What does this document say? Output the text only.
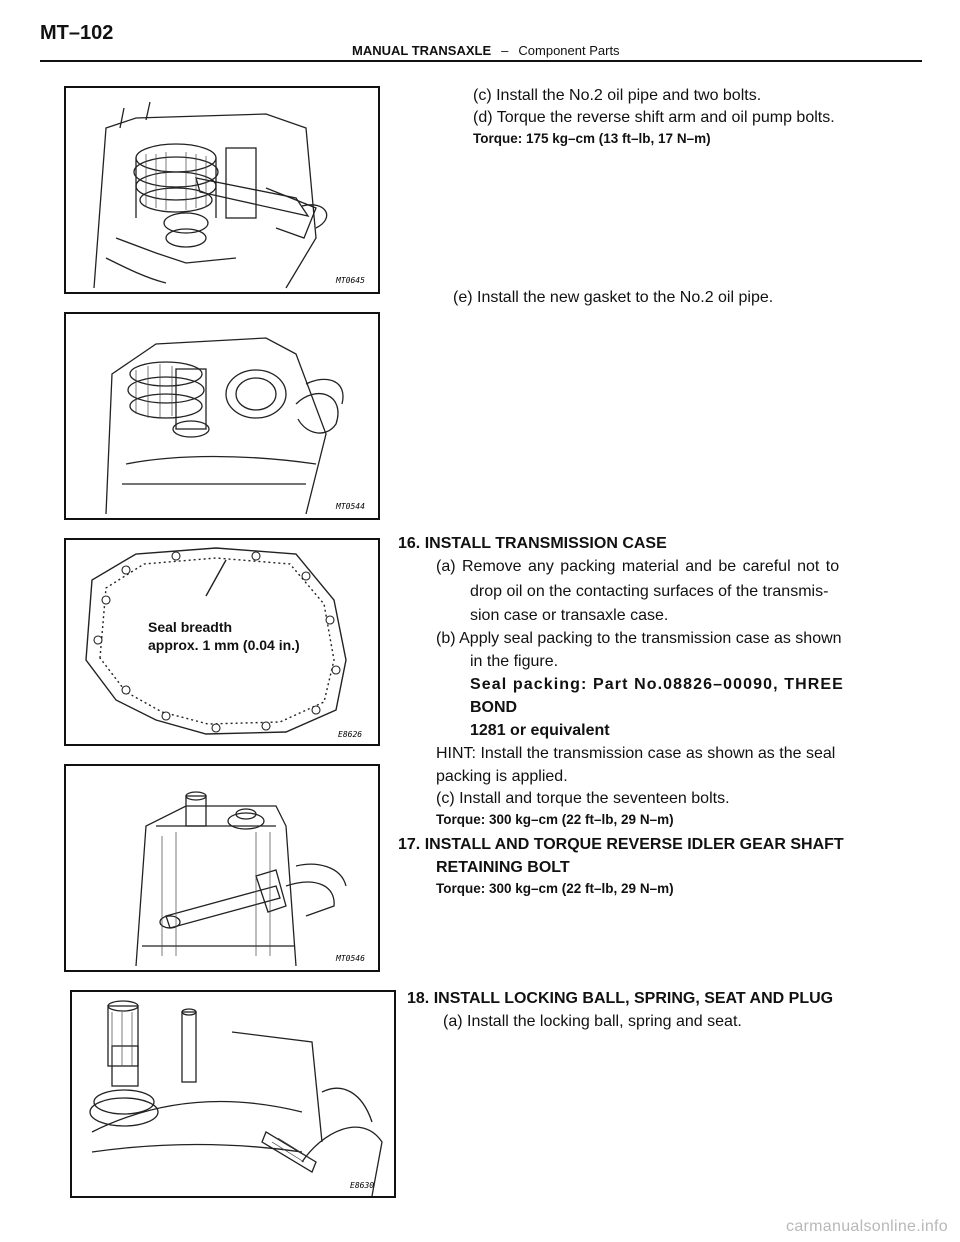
MT–102
MANUAL TRANSAXLE – Component Parts
MT0645
MT0544
Seal breadth
approx. 1 mm (0.04 in.)
E8626
MT0546
E8630
(c) Install the No.2 oil pipe and two bolts.
(d) Torque the reverse shift arm and oil pump bolts.
Torque: 175 kg–cm (13 ft–lb, 17 N–m)
(e) Install the new gasket to the No.2 oil pipe.
16. INSTALL TRANSMISSION CASE
(a) Remove any packing material and be careful not to
drop oil on the contacting surfaces of the transmis-
sion case or transaxle case.
(b) Apply seal packing to the transmission case as shown
in the figure.
Seal packing: Part No.08826–00090, THREE
BOND
1281 or equivalent
HINT: Install the transmission case as shown as the seal
packing is applied.
(c) Install and torque the seventeen bolts.
Torque: 300 kg–cm (22 ft–lb, 29 N–m)
17. INSTALL AND TORQUE REVERSE IDLER GEAR SHAFT
RETAINING BOLT
Torque: 300 kg–cm (22 ft–lb, 29 N–m)
18. INSTALL LOCKING BALL, SPRING, SEAT AND PLUG
(a) Install the locking ball, spring and seat.
carmanualsonline.info
